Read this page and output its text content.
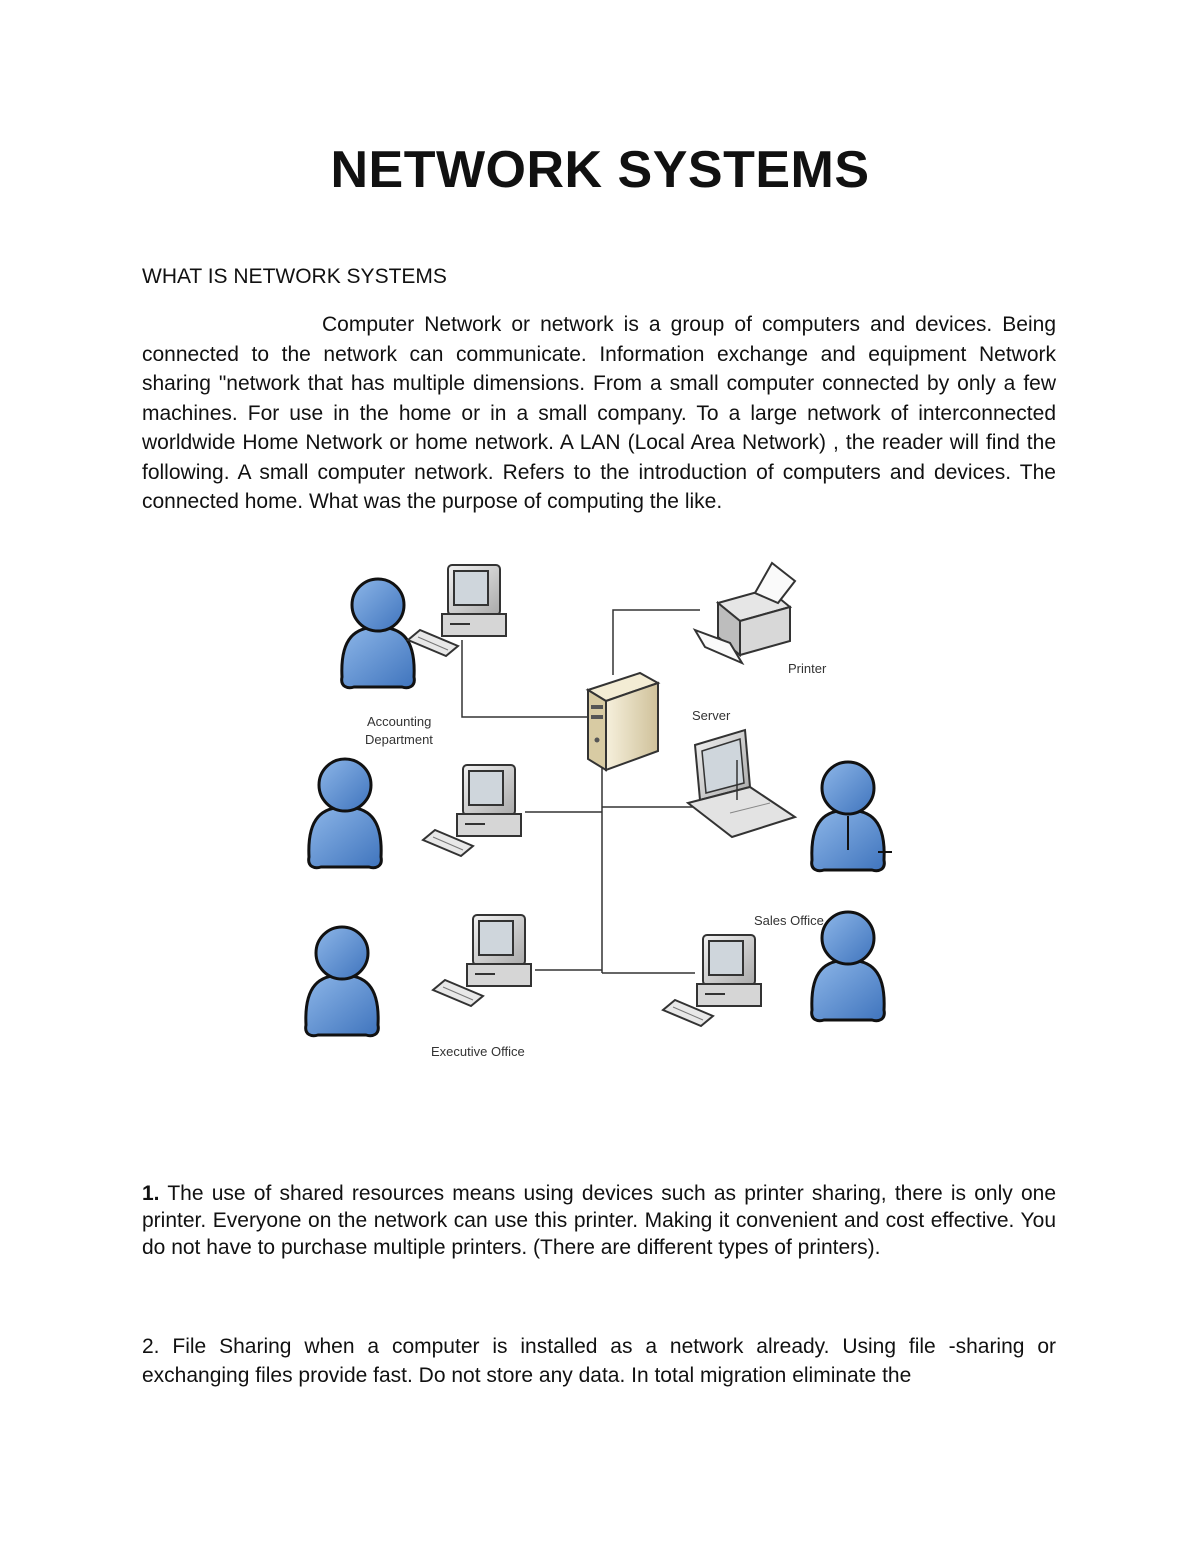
NETWORK SYSTEMS
WHAT IS NETWORK SYSTEMS

Computer Network or network is a group of computers and devices. Being connected to the network can communicate. Information exchange and equipment Network sharing "network that has multiple dimensions. From a small computer connected by only a few machines. For use in the home or in a small company. To a large network of interconnected worldwide Home Network or home network. A LAN (Local Area Network) , the reader will find the following. A small computer network. Refers to the introduction of computers and devices. The connected home. What was the purpose of computing the like.

Printer
Server
Accounting
Department
Sales Office
Executive Office

1. The use of shared resources means using devices such as printer sharing, there is only one printer. Everyone on the network can use this printer. Making it convenient and cost effective. You do not have to purchase multiple printers. (There are different types of printers).

2. File Sharing when a computer is installed as a network already. Using file -sharing or exchanging files provide fast. Do not store any data. In total migration eliminate the
